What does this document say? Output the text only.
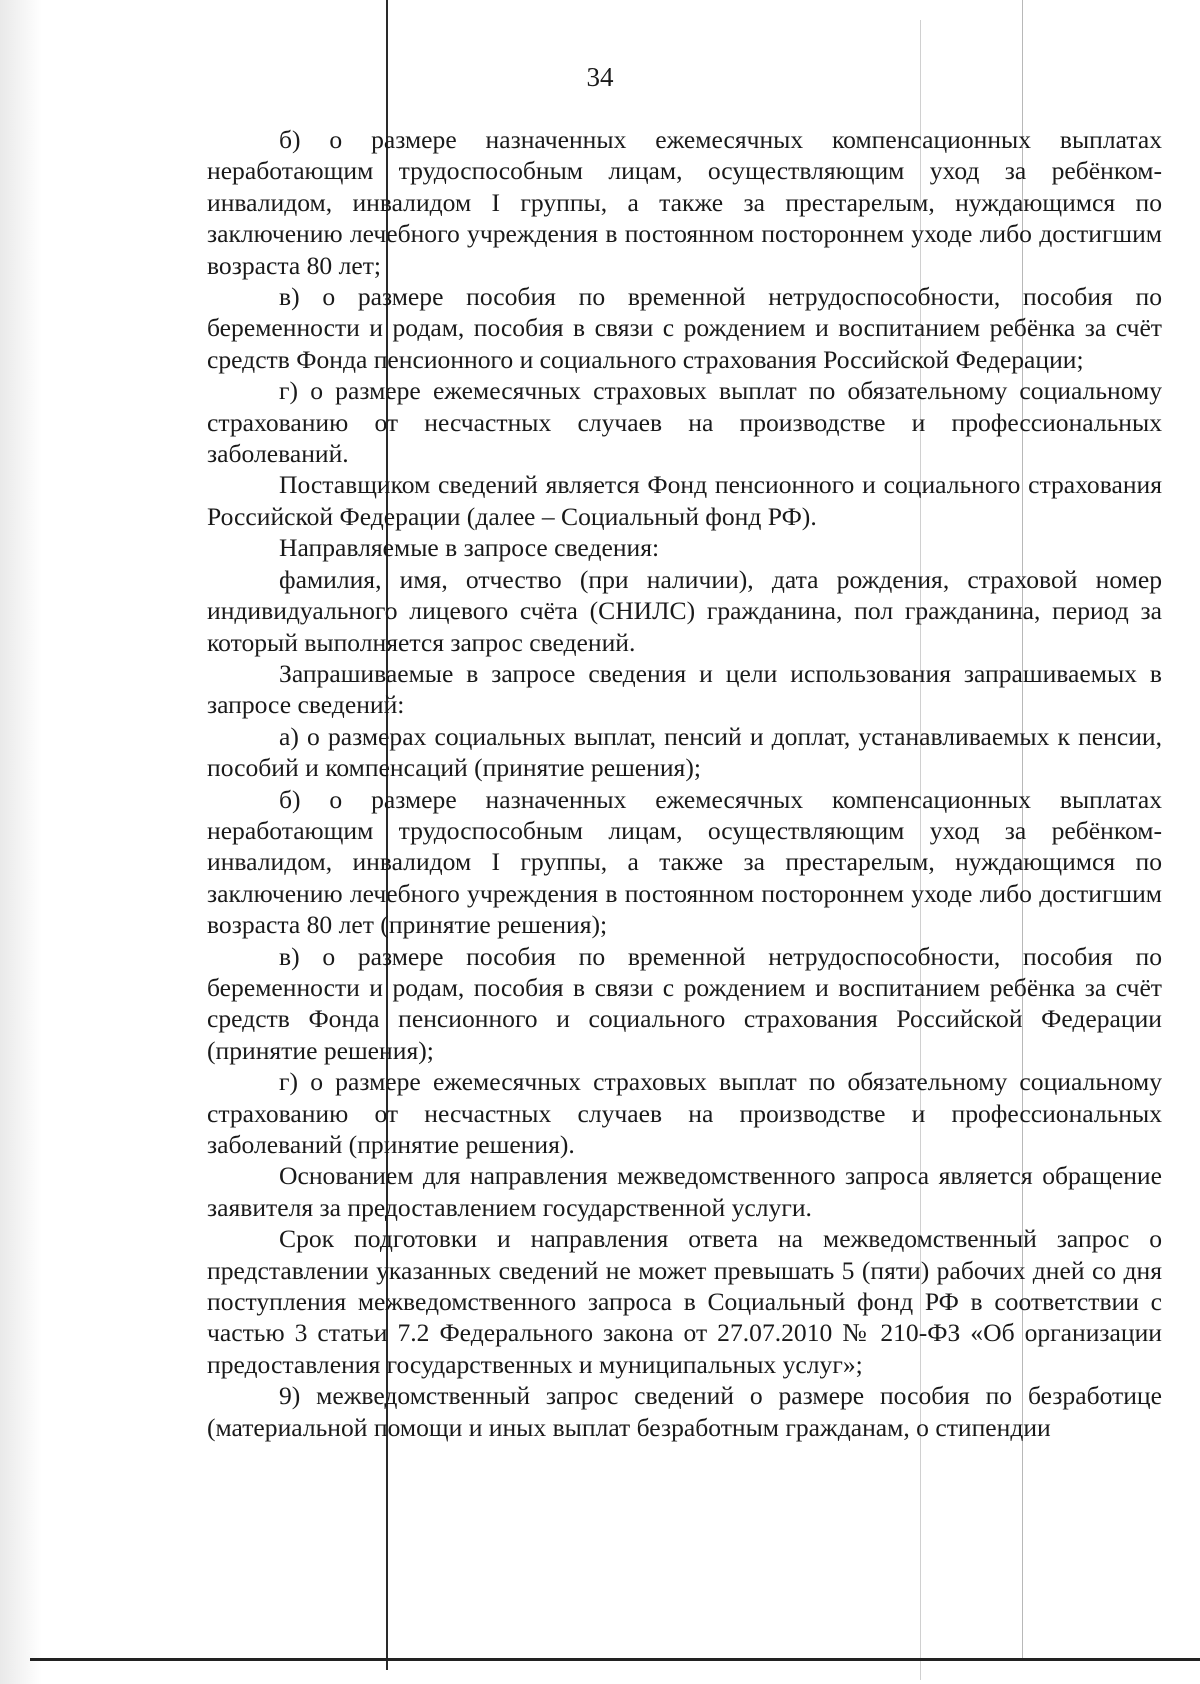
34

б) о размере назначенных ежемесячных компенсационных выплатах неработающим трудоспособным лицам, осуществляющим уход за ребёнком-инвалидом, инвалидом I группы, а также за престарелым, нуждающимся по заключению лечебного учреждения в постоянном постороннем уходе либо достигшим возраста 80 лет;

в) о размере пособия по временной нетрудоспособности, пособия по беременности и родам, пособия в связи с рождением и воспитанием ребёнка за счёт средств Фонда пенсионного и социального страхования Российской Федерации;

г) о размере ежемесячных страховых выплат по обязательному социальному страхованию от несчастных случаев на производстве и профессиональных заболеваний.

Поставщиком сведений является Фонд пенсионного и социального страхования Российской Федерации (далее – Социальный фонд РФ).

Направляемые в запросе сведения:

фамилия, имя, отчество (при наличии), дата рождения, страховой номер индивидуального лицевого счёта (СНИЛС) гражданина, пол гражданина, период за который выполняется запрос сведений.

Запрашиваемые в запросе сведения и цели использования запрашиваемых в запросе сведений:

а) о размерах социальных выплат, пенсий и доплат, устанавливаемых к пенсии, пособий и компенсаций (принятие решения);

б) о размере назначенных ежемесячных компенсационных выплатах неработающим трудоспособным лицам, осуществляющим уход за ребёнком-инвалидом, инвалидом I группы, а также за престарелым, нуждающимся по заключению лечебного учреждения в постоянном постороннем уходе либо достигшим возраста 80 лет (принятие решения);

в) о размере пособия по временной нетрудоспособности, пособия по беременности и родам, пособия в связи с рождением и воспитанием ребёнка за счёт средств Фонда пенсионного и социального страхования Российской Федерации (принятие решения);

г) о размере ежемесячных страховых выплат по обязательному социальному страхованию от несчастных случаев на производстве и профессиональных заболеваний (принятие решения).

Основанием для направления межведомственного запроса является обращение заявителя за предоставлением государственной услуги.

Срок подготовки и направления ответа на межведомственный запрос о представлении указанных сведений не может превышать 5 (пяти) рабочих дней со дня поступления межведомственного запроса в Социальный фонд РФ в соответствии с частью 3 статьи 7.2 Федерального закона от 27.07.2010 № 210-ФЗ «Об организации предоставления государственных и муниципальных услуг»;

9) межведомственный запрос сведений о размере пособия по безработице (материальной помощи и иных выплат безработным гражданам, о стипендии
